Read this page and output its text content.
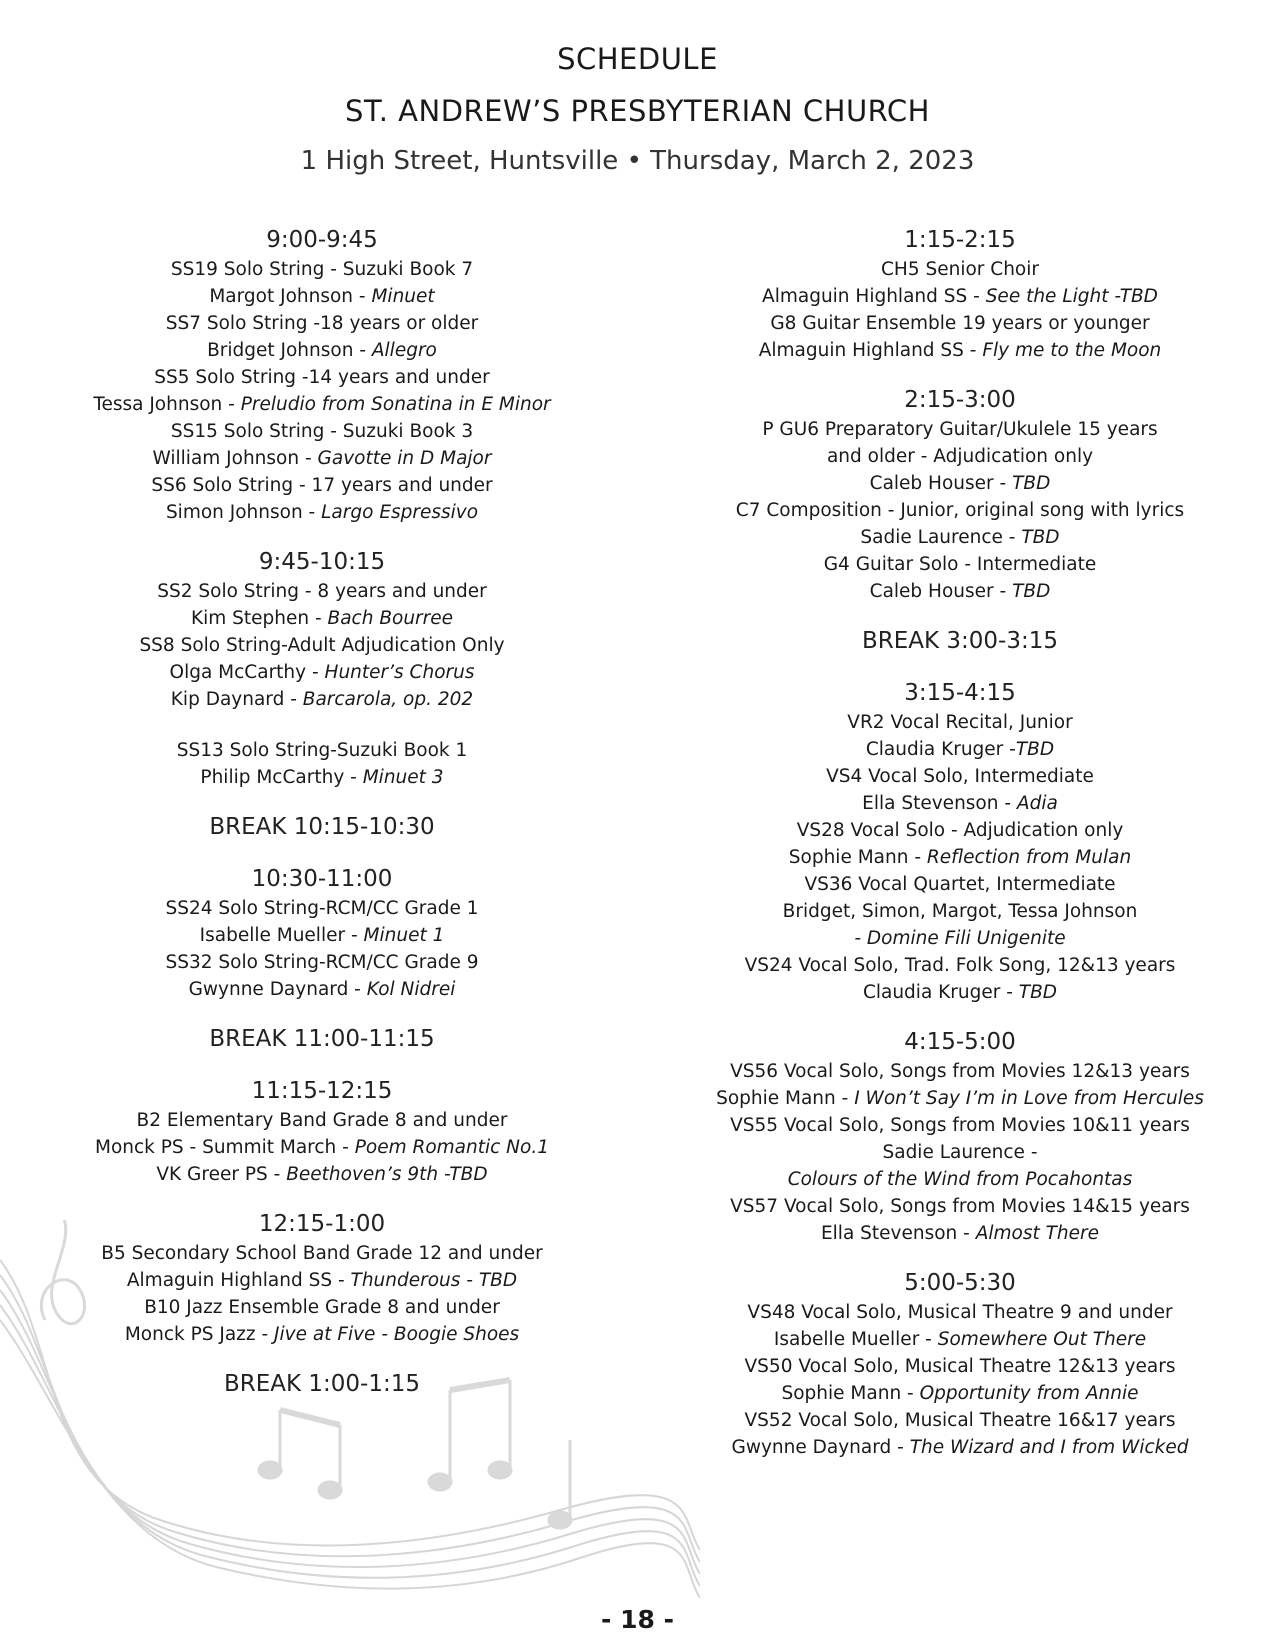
SCHEDULE
ST. ANDREW’S PRESBYTERIAN CHURCH
1 High Street, Huntsville • Thursday, March 2, 2023
9:00-9:45
SS19 Solo String - Suzuki Book 7
Margot Johnson - Minuet
SS7 Solo String -18 years or older
Bridget Johnson - Allegro
SS5 Solo String -14 years and under
Tessa Johnson - Preludio from Sonatina in E Minor
SS15 Solo String - Suzuki Book 3
William Johnson - Gavotte in D Major
SS6 Solo String - 17 years and under
Simon Johnson - Largo Espressivo
9:45-10:15
SS2 Solo String - 8 years and under
Kim Stephen - Bach Bourree
SS8 Solo String-Adult Adjudication Only
Olga McCarthy - Hunter’s Chorus
Kip Daynard - Barcarola, op. 202
SS13 Solo String-Suzuki Book 1
Philip McCarthy - Minuet 3
BREAK 10:15-10:30
10:30-11:00
SS24 Solo String-RCM/CC Grade 1
Isabelle Mueller - Minuet 1
SS32 Solo String-RCM/CC Grade 9
Gwynne Daynard - Kol Nidrei
BREAK 11:00-11:15
11:15-12:15
B2 Elementary Band Grade 8 and under
Monck PS - Summit March - Poem Romantic No.1
VK Greer PS - Beethoven’s 9th -TBD
12:15-1:00
B5 Secondary School Band Grade 12 and under
Almaguin Highland SS - Thunderous - TBD
B10 Jazz Ensemble Grade 8 and under
Monck PS Jazz - Jive at Five - Boogie Shoes
BREAK 1:00-1:15
1:15-2:15
CH5 Senior Choir
Almaguin Highland SS - See the Light -TBD
G8 Guitar Ensemble 19 years or younger
Almaguin Highland SS - Fly me to the Moon
2:15-3:00
P GU6 Preparatory Guitar/Ukulele 15 years
and older - Adjudication only
Caleb Houser - TBD
C7 Composition - Junior, original song with lyrics
Sadie Laurence - TBD
G4 Guitar Solo - Intermediate
Caleb Houser - TBD
BREAK 3:00-3:15
3:15-4:15
VR2 Vocal Recital, Junior
Claudia Kruger -TBD
VS4 Vocal Solo, Intermediate
Ella Stevenson - Adia
VS28 Vocal Solo - Adjudication only
Sophie Mann - Reflection from Mulan
VS36 Vocal Quartet, Intermediate
Bridget, Simon, Margot, Tessa Johnson
- Domine Fili Unigenite
VS24 Vocal Solo, Trad. Folk Song, 12&13 years
Claudia Kruger - TBD
4:15-5:00
VS56 Vocal Solo, Songs from Movies 12&13 years
Sophie Mann - I Won’t Say I’m in Love from Hercules
VS55 Vocal Solo, Songs from Movies 10&11 years
Sadie Laurence -
Colours of the Wind from Pocahontas
VS57 Vocal Solo, Songs from Movies 14&15 years
Ella Stevenson - Almost There
5:00-5:30
VS48 Vocal Solo, Musical Theatre 9 and under
Isabelle Mueller - Somewhere Out There
VS50 Vocal Solo, Musical Theatre 12&13 years
Sophie Mann - Opportunity from Annie
VS52 Vocal Solo, Musical Theatre 16&17 years
Gwynne Daynard - The Wizard and I from Wicked
- 18 -
